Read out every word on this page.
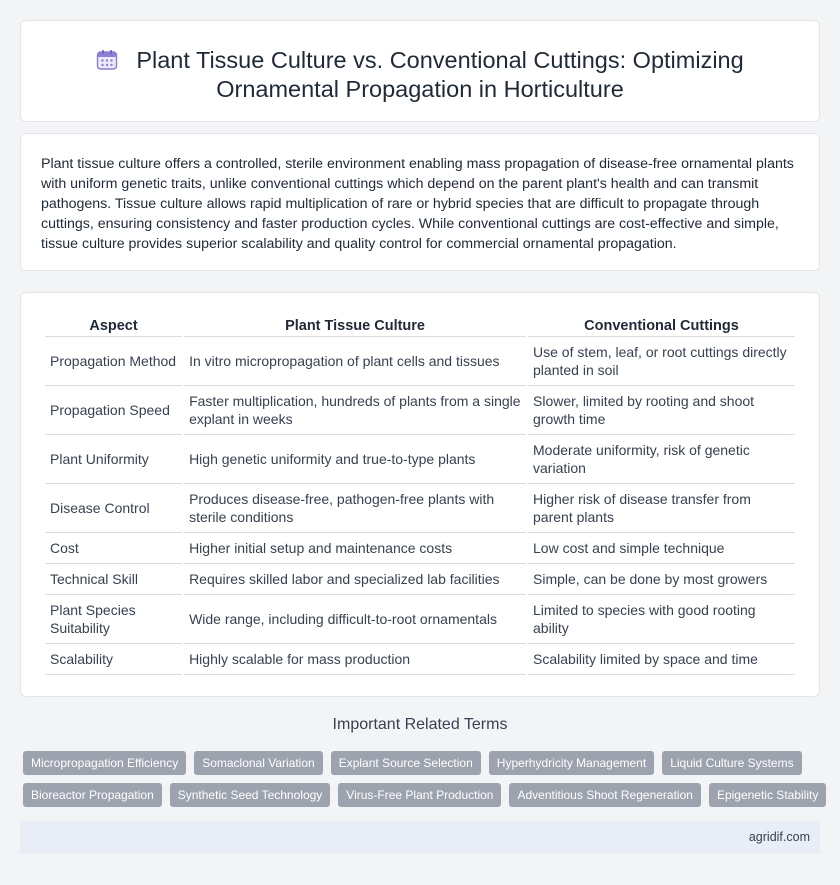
Plant Tissue Culture vs. Conventional Cuttings: Optimizing
Ornamental Propagation in Horticulture

Plant tissue culture offers a controlled, sterile environment enabling mass propagation of disease-free ornamental plants with uniform genetic traits, unlike conventional cuttings which depend on the parent plant's health and can transmit pathogens. Tissue culture allows rapid multiplication of rare or hybrid species that are difficult to propagate through cuttings, ensuring consistency and faster production cycles. While conventional cuttings are cost-effective and simple, tissue culture provides superior scalability and quality control for commercial ornamental propagation.

Aspect	Plant Tissue Culture	Conventional Cuttings
Propagation Method	In vitro micropropagation of plant cells and tissues	Use of stem, leaf, or root cuttings directly planted in soil
Propagation Speed	Faster multiplication, hundreds of plants from a single explant in weeks	Slower, limited by rooting and shoot growth time
Plant Uniformity	High genetic uniformity and true-to-type plants	Moderate uniformity, risk of genetic variation
Disease Control	Produces disease-free, pathogen-free plants with sterile conditions	Higher risk of disease transfer from parent plants
Cost	Higher initial setup and maintenance costs	Low cost and simple technique
Technical Skill	Requires skilled labor and specialized lab facilities	Simple, can be done by most growers
Plant Species Suitability	Wide range, including difficult-to-root ornamentals	Limited to species with good rooting ability
Scalability	Highly scalable for mass production	Scalability limited by space and time
Important Related Terms
Micropropagation Efficiency	Somaclonal Variation	Explant Source Selection	Hyperhydricity Management	Liquid Culture Systems
Bioreactor Propagation	Synthetic Seed Technology	Virus-Free Plant Production	Adventitious Shoot Regeneration	Epigenetic Stability
agridif.com
